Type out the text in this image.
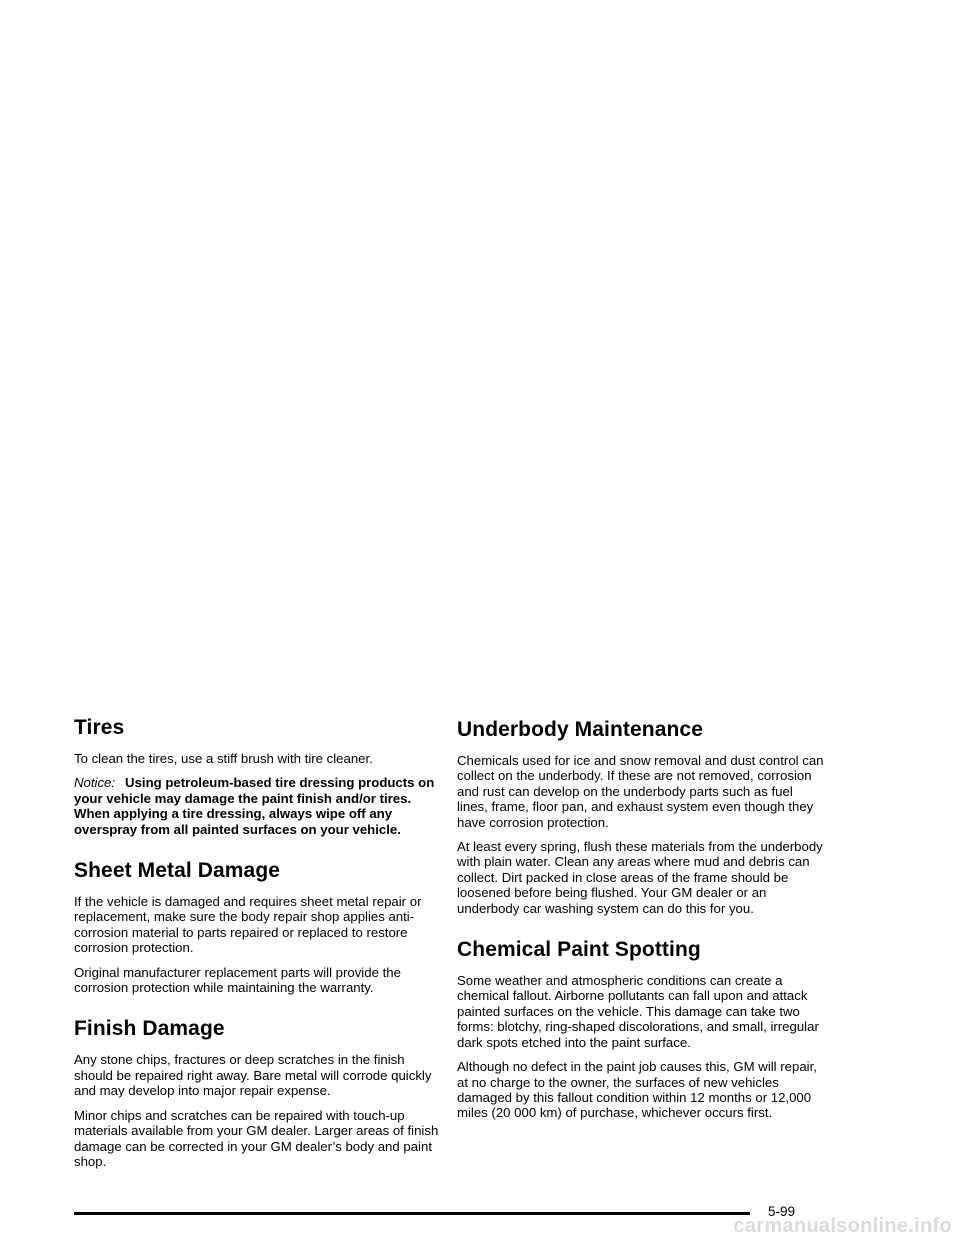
Tires

To clean the tires, use a stiff brush with tire cleaner.

Notice: Using petroleum-based tire dressing products on your vehicle may damage the paint finish and/or tires. When applying a tire dressing, always wipe off any overspray from all painted surfaces on your vehicle.

Sheet Metal Damage

If the vehicle is damaged and requires sheet metal repair or replacement, make sure the body repair shop applies anti-corrosion material to parts repaired or replaced to restore corrosion protection.

Original manufacturer replacement parts will provide the corrosion protection while maintaining the warranty.

Finish Damage

Any stone chips, fractures or deep scratches in the finish should be repaired right away. Bare metal will corrode quickly and may develop into major repair expense.

Minor chips and scratches can be repaired with touch-up materials available from your GM dealer. Larger areas of finish damage can be corrected in your GM dealer’s body and paint shop.

Underbody Maintenance

Chemicals used for ice and snow removal and dust control can collect on the underbody. If these are not removed, corrosion and rust can develop on the underbody parts such as fuel lines, frame, floor pan, and exhaust system even though they have corrosion protection.

At least every spring, flush these materials from the underbody with plain water. Clean any areas where mud and debris can collect. Dirt packed in close areas of the frame should be loosened before being flushed. Your GM dealer or an underbody car washing system can do this for you.

Chemical Paint Spotting

Some weather and atmospheric conditions can create a chemical fallout. Airborne pollutants can fall upon and attack painted surfaces on the vehicle. This damage can take two forms: blotchy, ring-shaped discolorations, and small, irregular dark spots etched into the paint surface.

Although no defect in the paint job causes this, GM will repair, at no charge to the owner, the surfaces of new vehicles damaged by this fallout condition within 12 months or 12,000 miles (20 000 km) of purchase, whichever occurs first.

5-99
carmanualsonline.info
